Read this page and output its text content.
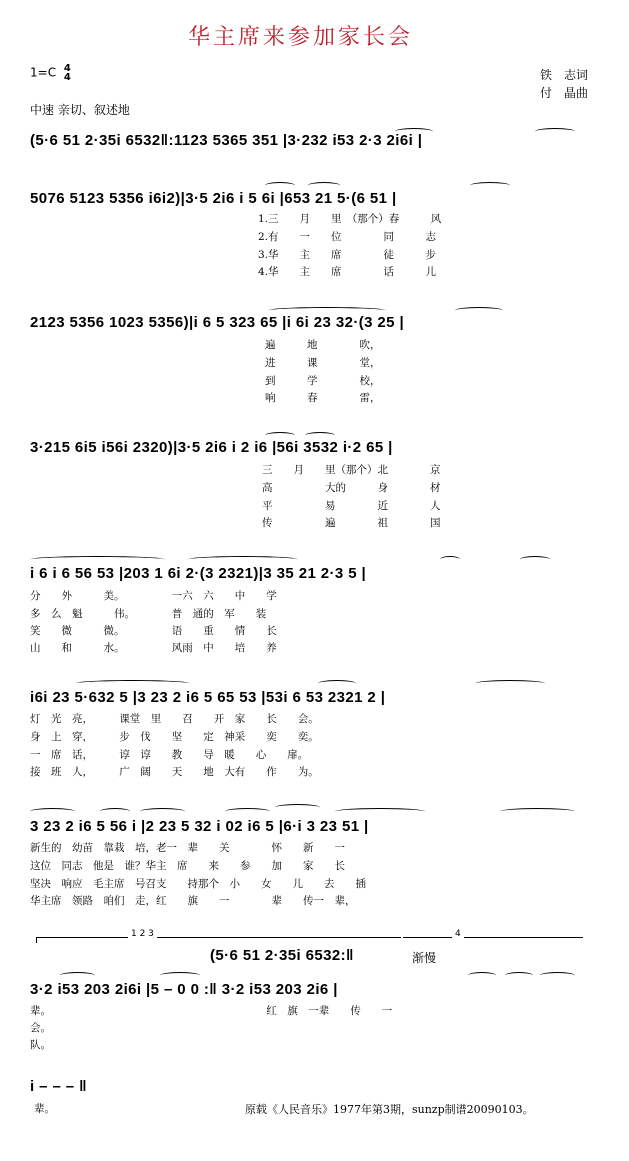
华主席来参加家长会
1=C 4
4	铁　志词
付　晶曲
中速 亲切、叙述地
(5·6 51 2·35i 6532‖:1123 5365 351 |3·232 i53 2·3 2i6i |
5076 5123 5356 i6i2)|3·5 2i6 i 5 6i |653 21 5·(6 51 |
1.三　　月　　里　（那个）春　　　风
2.有　　一　　位　　　　同　　　志
3.华　　主　　席　　　　徒　　　步
4.华　　主　　席　　　　话　　　儿
2123 5356 1023 5356)|i 6 5 323 65 |i 6i 23 32·(3 25 |
遍　　　地　　　　吹，
进　　　课　　　　堂，
到　　　学　　　　校，
响　　　春　　　　雷，
3·215 6i5 i56i 2320)|3·5 2i6 i 2 i6 |56i 3532 i·2 65 |
三　　月　　里（那个）北　　　　京
高　　　　　大的　　　身　　　　材
平　　　　　易　　　　近　　　　人
传　　　　　遍　　　　祖　　　　国
i 6 i 6 56 53 |203 1 6i 2·(3 2321)|3 35 21 2·3 5 |
分　　外　　　美。　　　　　一六　六　　中　　学
多　么　魁　　　伟。　　　　普　通的　军　　装
笑　　微　　　微。　　　　　语　　重　　情　　长
山　　和　　　水。　　　　　风雨　中　　培　　养
i6i 23 5·632 5 |3 23 2 i6 5 65 53 |53i 6 53 2321 2 |
灯　光　亮，　　　课堂　里　　召　　开　家　　长　　会。
身　上　穿，　　　步　伐　　坚　　定　神采　　奕　　奕。
一　席　话，　　　谆　谆　　教　　导　暖　　心　　扉。
接　班　人，　　　广　阔　　天　　地　大有　　作　　为。
3 23 2 i6 5 56 i |2 23 5 32 i 02 i6 5 |6·i 3 23 51 |
新生的　幼苗　靠栽　培，老一　辈　　关　　　　怀　　新　　一
这位　同志　他是　谁？华主　席　　来　　参　　加　　家　　长
坚决　响应　毛主席　号召支　　持那个　小　　女　　儿　　去　　插
华主席　领路　咱们　走，红　　旗　　一　　　　辈　　传一　辈，
1 2 3	4
(5·6 51 2·35i 6532:‖	渐慢
3·2 i53 203 2i6i |5 – 0 0 :‖ 3·2 i53 203 2i6 |
辈。　　　　　　　　　　　　　　　　　　　　　红　旗　一辈　　传　　一
会。
队。
i – – – ‖
辈。	原载《人民音乐》1977年第3期，sunzp制谱20090103。
